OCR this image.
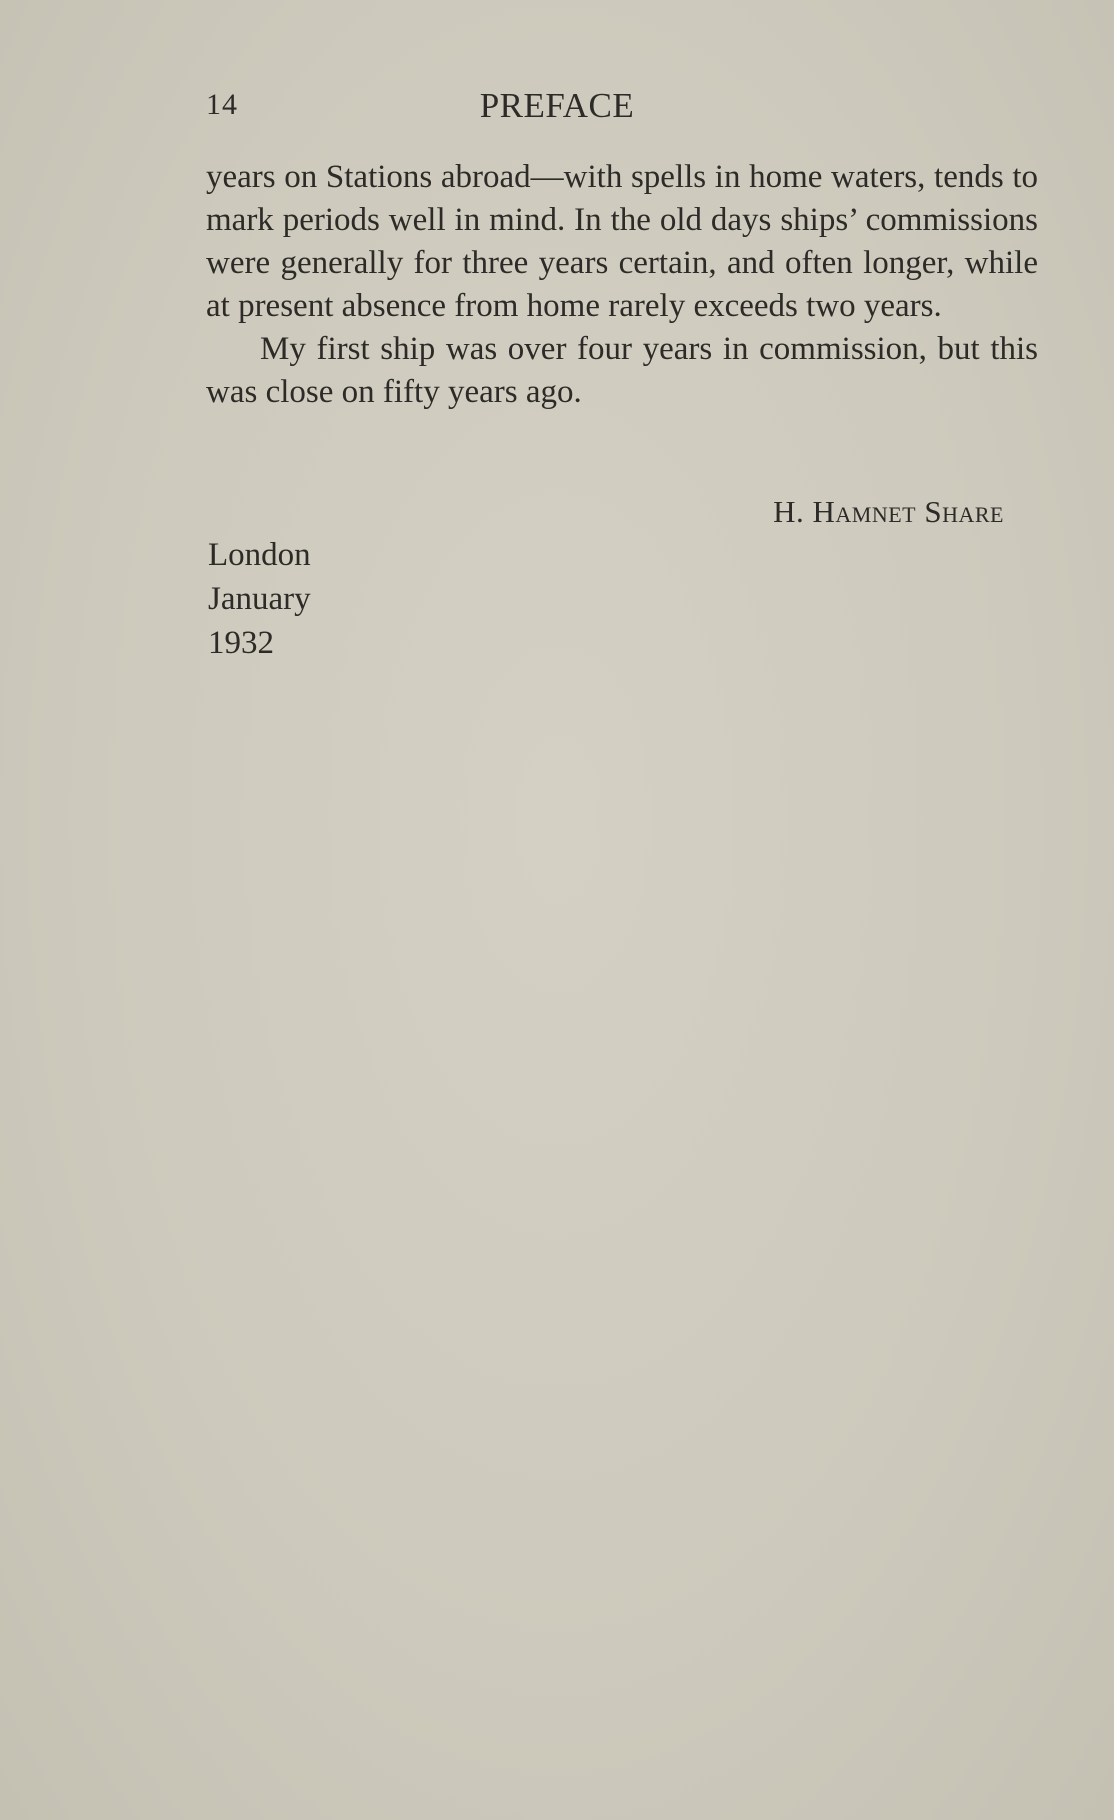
14	PREFACE

years on Stations abroad—with spells in home waters, tends to mark periods well in mind. In the old days ships’ commissions were generally for three years certain, and often longer, while at present absence from home rarely exceeds two years.

My first ship was over four years in commission, but this was close on fifty years ago.

H. Hamnet Share
London
January
1932
